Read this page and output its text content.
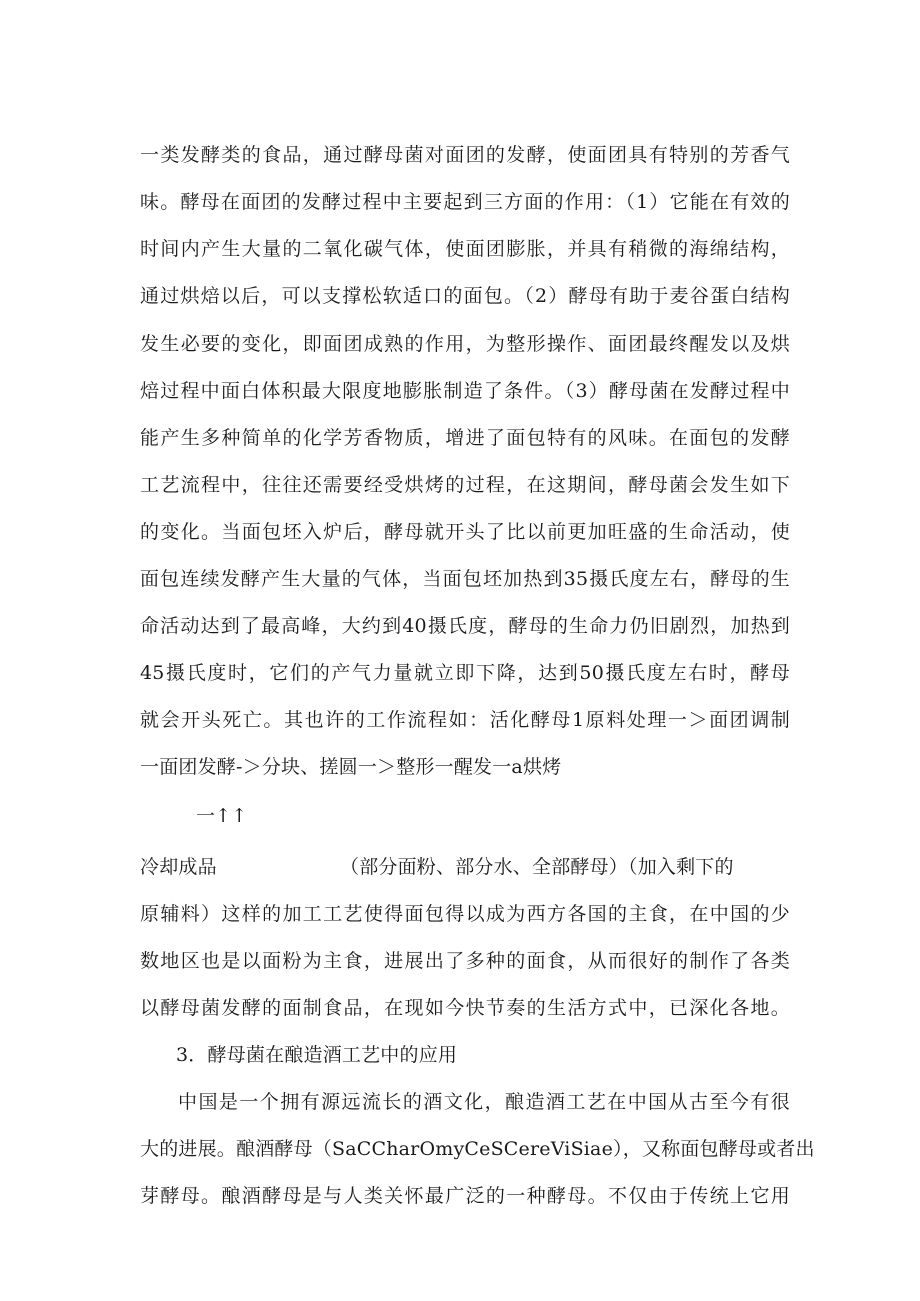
一类发酵类的食品，通过酵母菌对面团的发酵，使面团具有特别的芳香气
味。酵母在面团的发酵过程中主要起到三方面的作用：（1）它能在有效的
时间内产生大量的二氧化碳气体，使面团膨胀，并具有稍微的海绵结构，
通过烘焙以后，可以支撑松软适口的面包。（2）酵母有助于麦谷蛋白结构
发生必要的变化，即面团成熟的作用，为整形操作、面团最终醒发以及烘
焙过程中面白体积最大限度地膨胀制造了条件。（3）酵母菌在发酵过程中
能产生多种简单的化学芳香物质，增进了面包特有的风味。在面包的发酵
工艺流程中，往往还需要经受烘烤的过程，在这期间，酵母菌会发生如下
的变化。当面包坯入炉后，酵母就开头了比以前更加旺盛的生命活动，使
面包连续发酵产生大量的气体，当面包坯加热到35摄氏度左右，酵母的生
命活动达到了最高峰，大约到40摄氏度，酵母的生命力仍旧剧烈，加热到
45摄氏度时，它们的产气力量就立即下降，达到50摄氏度左右时，酵母
就会开头死亡。其也许的工作流程如：活化酵母1原料处理一＞面团调制
一面团发酵-＞分块、搓圆一＞整形一醒发一a烘烤
一↑↑
冷却成品	（部分面粉、部分水、全部酵母）（加入剩下的
原辅料）这样的加工工艺使得面包得以成为西方各国的主食，在中国的少
数地区也是以面粉为主食，进展出了多种的面食，从而很好的制作了各类
以酵母菌发酵的面制食品，在现如今快节奏的生活方式中，已深化各地。
3．酵母菌在酿造酒工艺中的应用
中国是一个拥有源远流长的酒文化，酿造酒工艺在中国从古至今有很
大的进展。酿酒酵母（SaCCharOmyCeSCereViSiae），又称面包酵母或者出
芽酵母。酿酒酵母是与人类关怀最广泛的一种酵母。不仅由于传统上它用
